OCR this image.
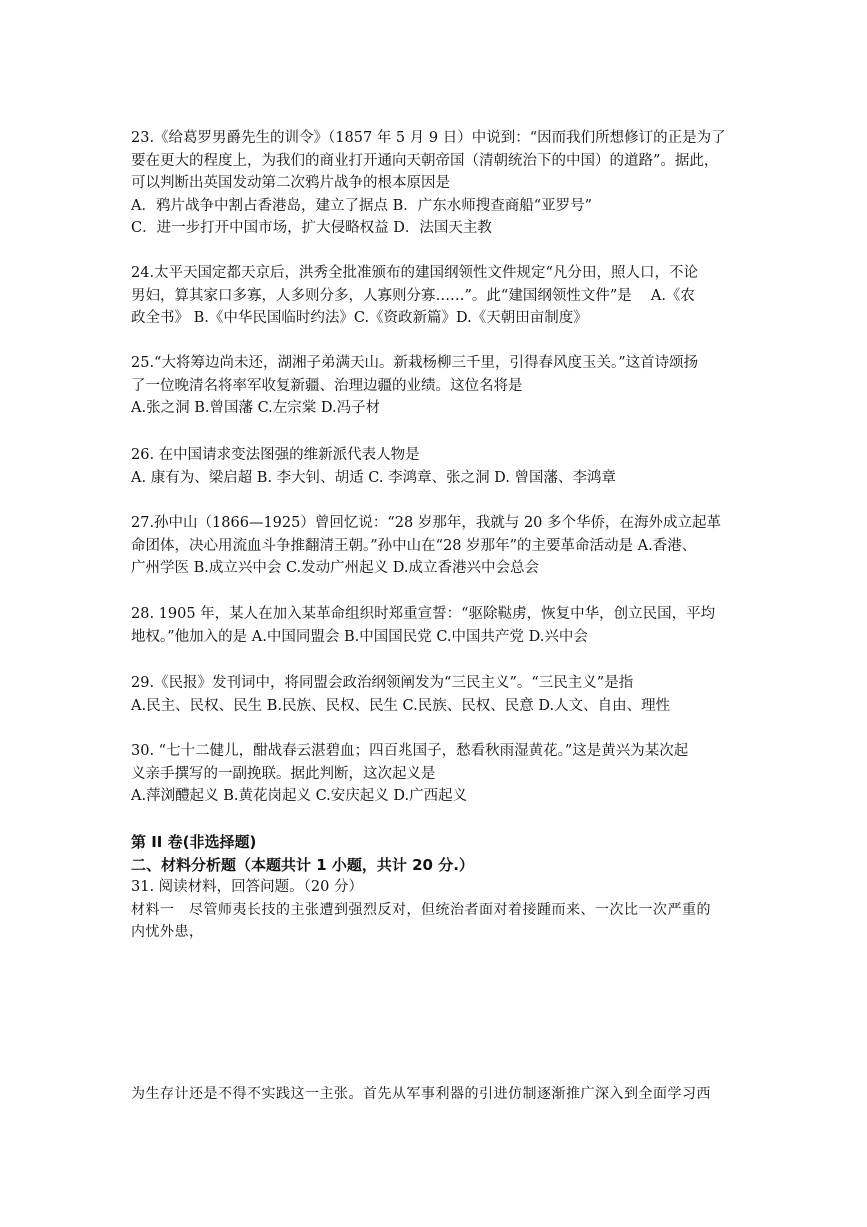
23.《给葛罗男爵先生的训令》（1857 年 5 月 9 日）中说到：“因而我们所想修订的正是为了
要在更大的程度上，为我们的商业打开通向天朝帝国（清朝统治下的中国）的道路”。据此，
可以判断出英国发动第二次鸦片战争的根本原因是
A．鸦片战争中割占香港岛，建立了据点 B．广东水师搜查商船“亚罗号”
C．进一步打开中国市场，扩大侵略权益 D．法国天主教
24.太平天国定都天京后，洪秀全批准颁布的建国纲领性文件规定“凡分田，照人口，不论
男妇，算其家口多寡，人多则分多，人寡则分寡……”。此“建国纲领性文件”是　 A.《农
政全书》 B.《中华民国临时约法》C.《资政新篇》D.《天朝田亩制度》
25.“大将筹边尚未还，湖湘子弟满天山。新栽杨柳三千里，引得春风度玉关。”这首诗颂扬
了一位晚清名将率军收复新疆、治理边疆的业绩。这位名将是
A.张之洞 B.曾国藩 C.左宗棠 D.冯子材
26. 在中国请求变法图强的维新派代表人物是
A. 康有为、梁启超 B. 李大钊、胡适 C. 李鸿章、张之洞 D. 曾国藩、李鸿章
27.孙中山（1866—1925）曾回忆说：“28 岁那年，我就与 20 多个华侨，在海外成立起革
命团体，决心用流血斗争推翻清王朝。”孙中山在“28 岁那年”的主要革命活动是 A.香港、
广州学医 B.成立兴中会 C.发动广州起义 D.成立香港兴中会总会
28. 1905 年，某人在加入某革命组织时郑重宣誓：“驱除鞑虏，恢复中华，创立民国，平均
地权。”他加入的是 A.中国同盟会 B.中国国民党 C.中国共产党 D.兴中会
29.《民报》发刊词中，将同盟会政治纲领阐发为“三民主义”。“三民主义”是指
A.民主、民权、民生 B.民族、民权、民生 C.民族、民权、民意 D.人文、自由、理性
30. “七十二健儿，酣战春云湛碧血；四百兆国子，愁看秋雨湿黄花。”这是黄兴为某次起
义亲手撰写的一副挽联。据此判断，这次起义是
A.萍浏醴起义 B.黄花岗起义 C.安庆起义 D.广西起义
第 II 卷(非选择题)
二、材料分析题（本题共计 1 小题，共计 20 分.）
31. 阅读材料，回答问题。（20 分）
材料一　尽管师夷长技的主张遭到强烈反对，但统治者面对着接踵而来、一次比一次严重的
内忧外患，
为生存计还是不得不实践这一主张。首先从军事利器的引进仿制逐渐推广深入到全面学习西
